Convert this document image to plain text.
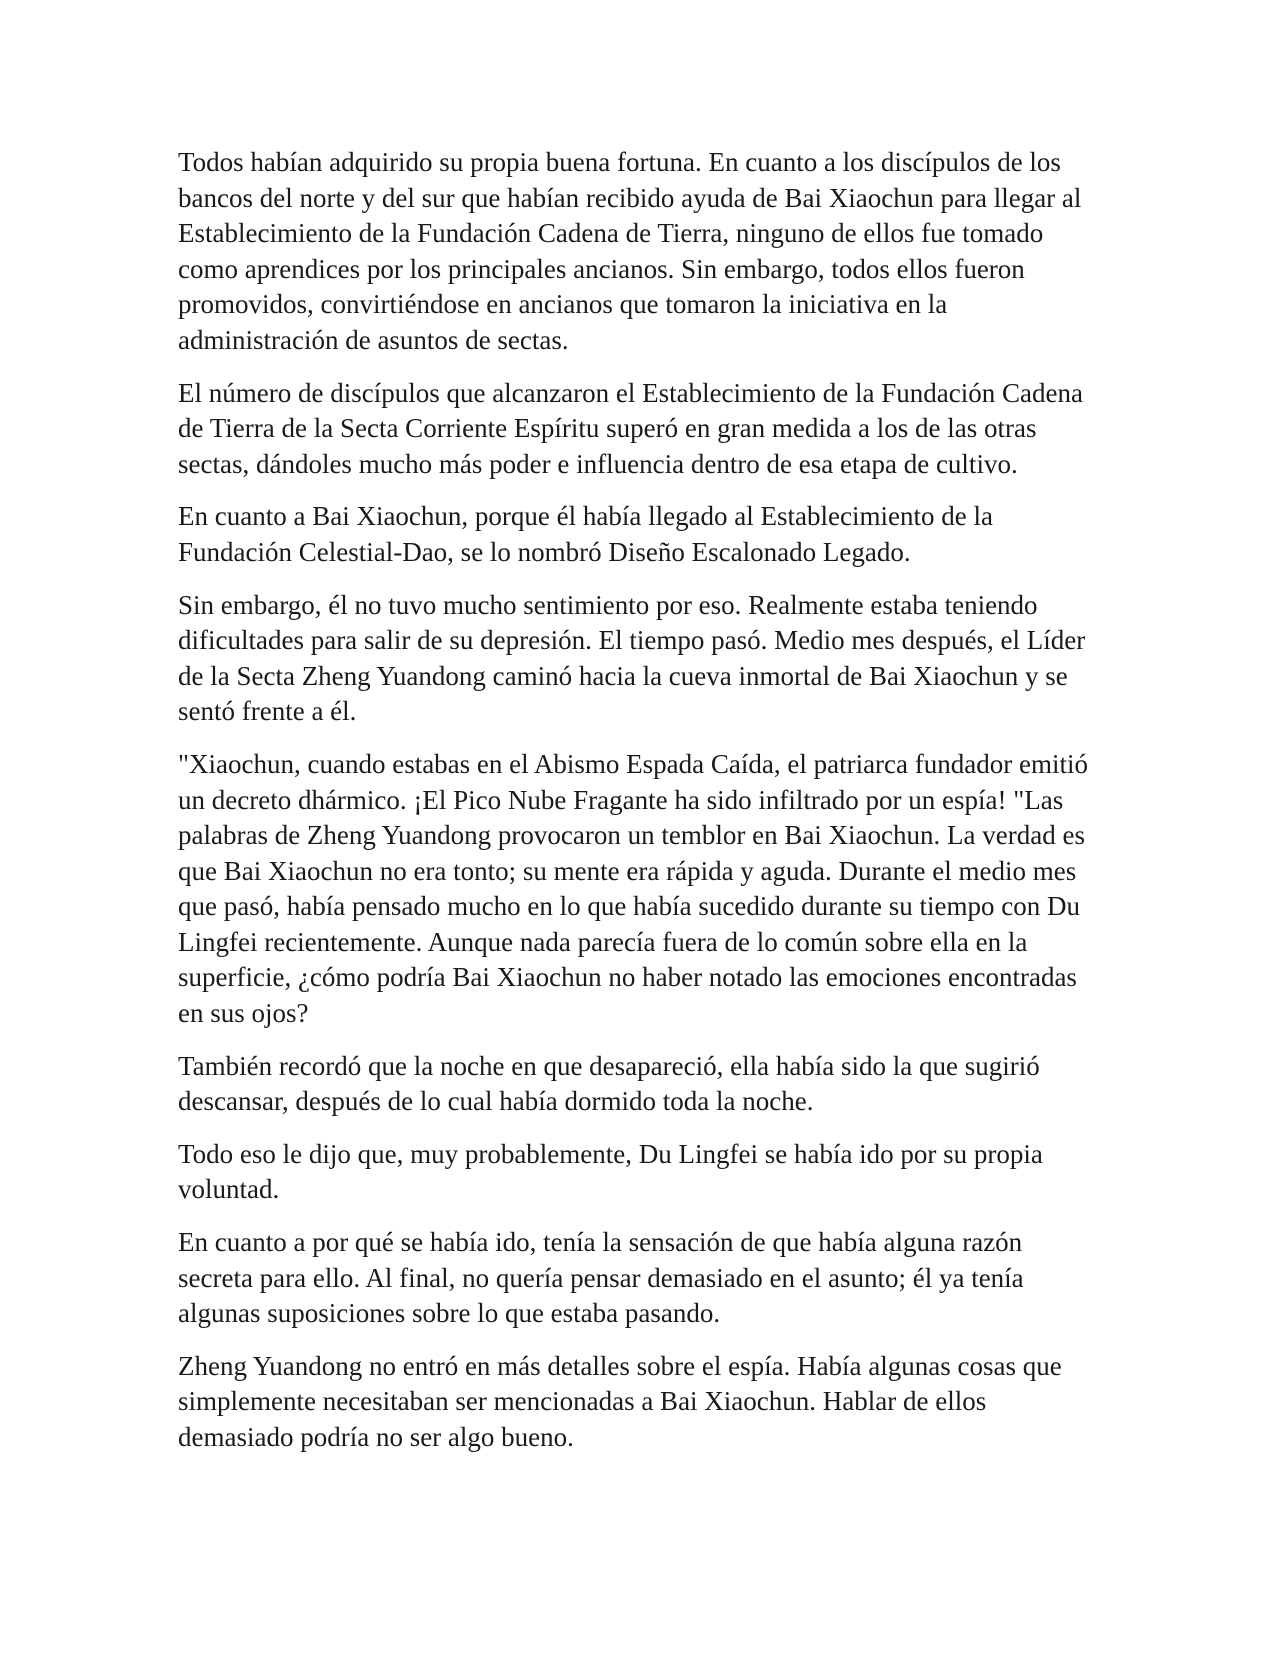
Todos habían adquirido su propia buena fortuna. En cuanto a los discípulos de los bancos del norte y del sur que habían recibido ayuda de Bai Xiaochun para llegar al Establecimiento de la Fundación Cadena de Tierra, ninguno de ellos fue tomado como aprendices por los principales ancianos. Sin embargo, todos ellos fueron promovidos, convirtiéndose en ancianos que tomaron la iniciativa en la administración de asuntos de sectas.

El número de discípulos que alcanzaron el Establecimiento de la Fundación Cadena de Tierra de la Secta Corriente Espíritu superó en gran medida a los de las otras sectas, dándoles mucho más poder e influencia dentro de esa etapa de cultivo.

En cuanto a Bai Xiaochun, porque él había llegado al Establecimiento de la Fundación Celestial-Dao, se lo nombró Diseño Escalonado Legado.

Sin embargo, él no tuvo mucho sentimiento por eso. Realmente estaba teniendo dificultades para salir de su depresión. El tiempo pasó. Medio mes después, el Líder de la Secta Zheng Yuandong caminó hacia la cueva inmortal de Bai Xiaochun y se sentó frente a él.

"Xiaochun, cuando estabas en el Abismo Espada Caída, el patriarca fundador emitió un decreto dhármico. ¡El Pico Nube Fragante ha sido infiltrado por un espía! "Las palabras de Zheng Yuandong provocaron un temblor en Bai Xiaochun. La verdad es que Bai Xiaochun no era tonto; su mente era rápida y aguda. Durante el medio mes que pasó, había pensado mucho en lo que había sucedido durante su tiempo con Du Lingfei recientemente. Aunque nada parecía fuera de lo común sobre ella en la superficie, ¿cómo podría Bai Xiaochun no haber notado las emociones encontradas en sus ojos?

También recordó que la noche en que desapareció, ella había sido la que sugirió descansar, después de lo cual había dormido toda la noche.

Todo eso le dijo que, muy probablemente, Du Lingfei se había ido por su propia voluntad.

En cuanto a por qué se había ido, tenía la sensación de que había alguna razón secreta para ello. Al final, no quería pensar demasiado en el asunto; él ya tenía algunas suposiciones sobre lo que estaba pasando.

Zheng Yuandong no entró en más detalles sobre el espía. Había algunas cosas que simplemente necesitaban ser mencionadas a Bai Xiaochun. Hablar de ellos demasiado podría no ser algo bueno.
